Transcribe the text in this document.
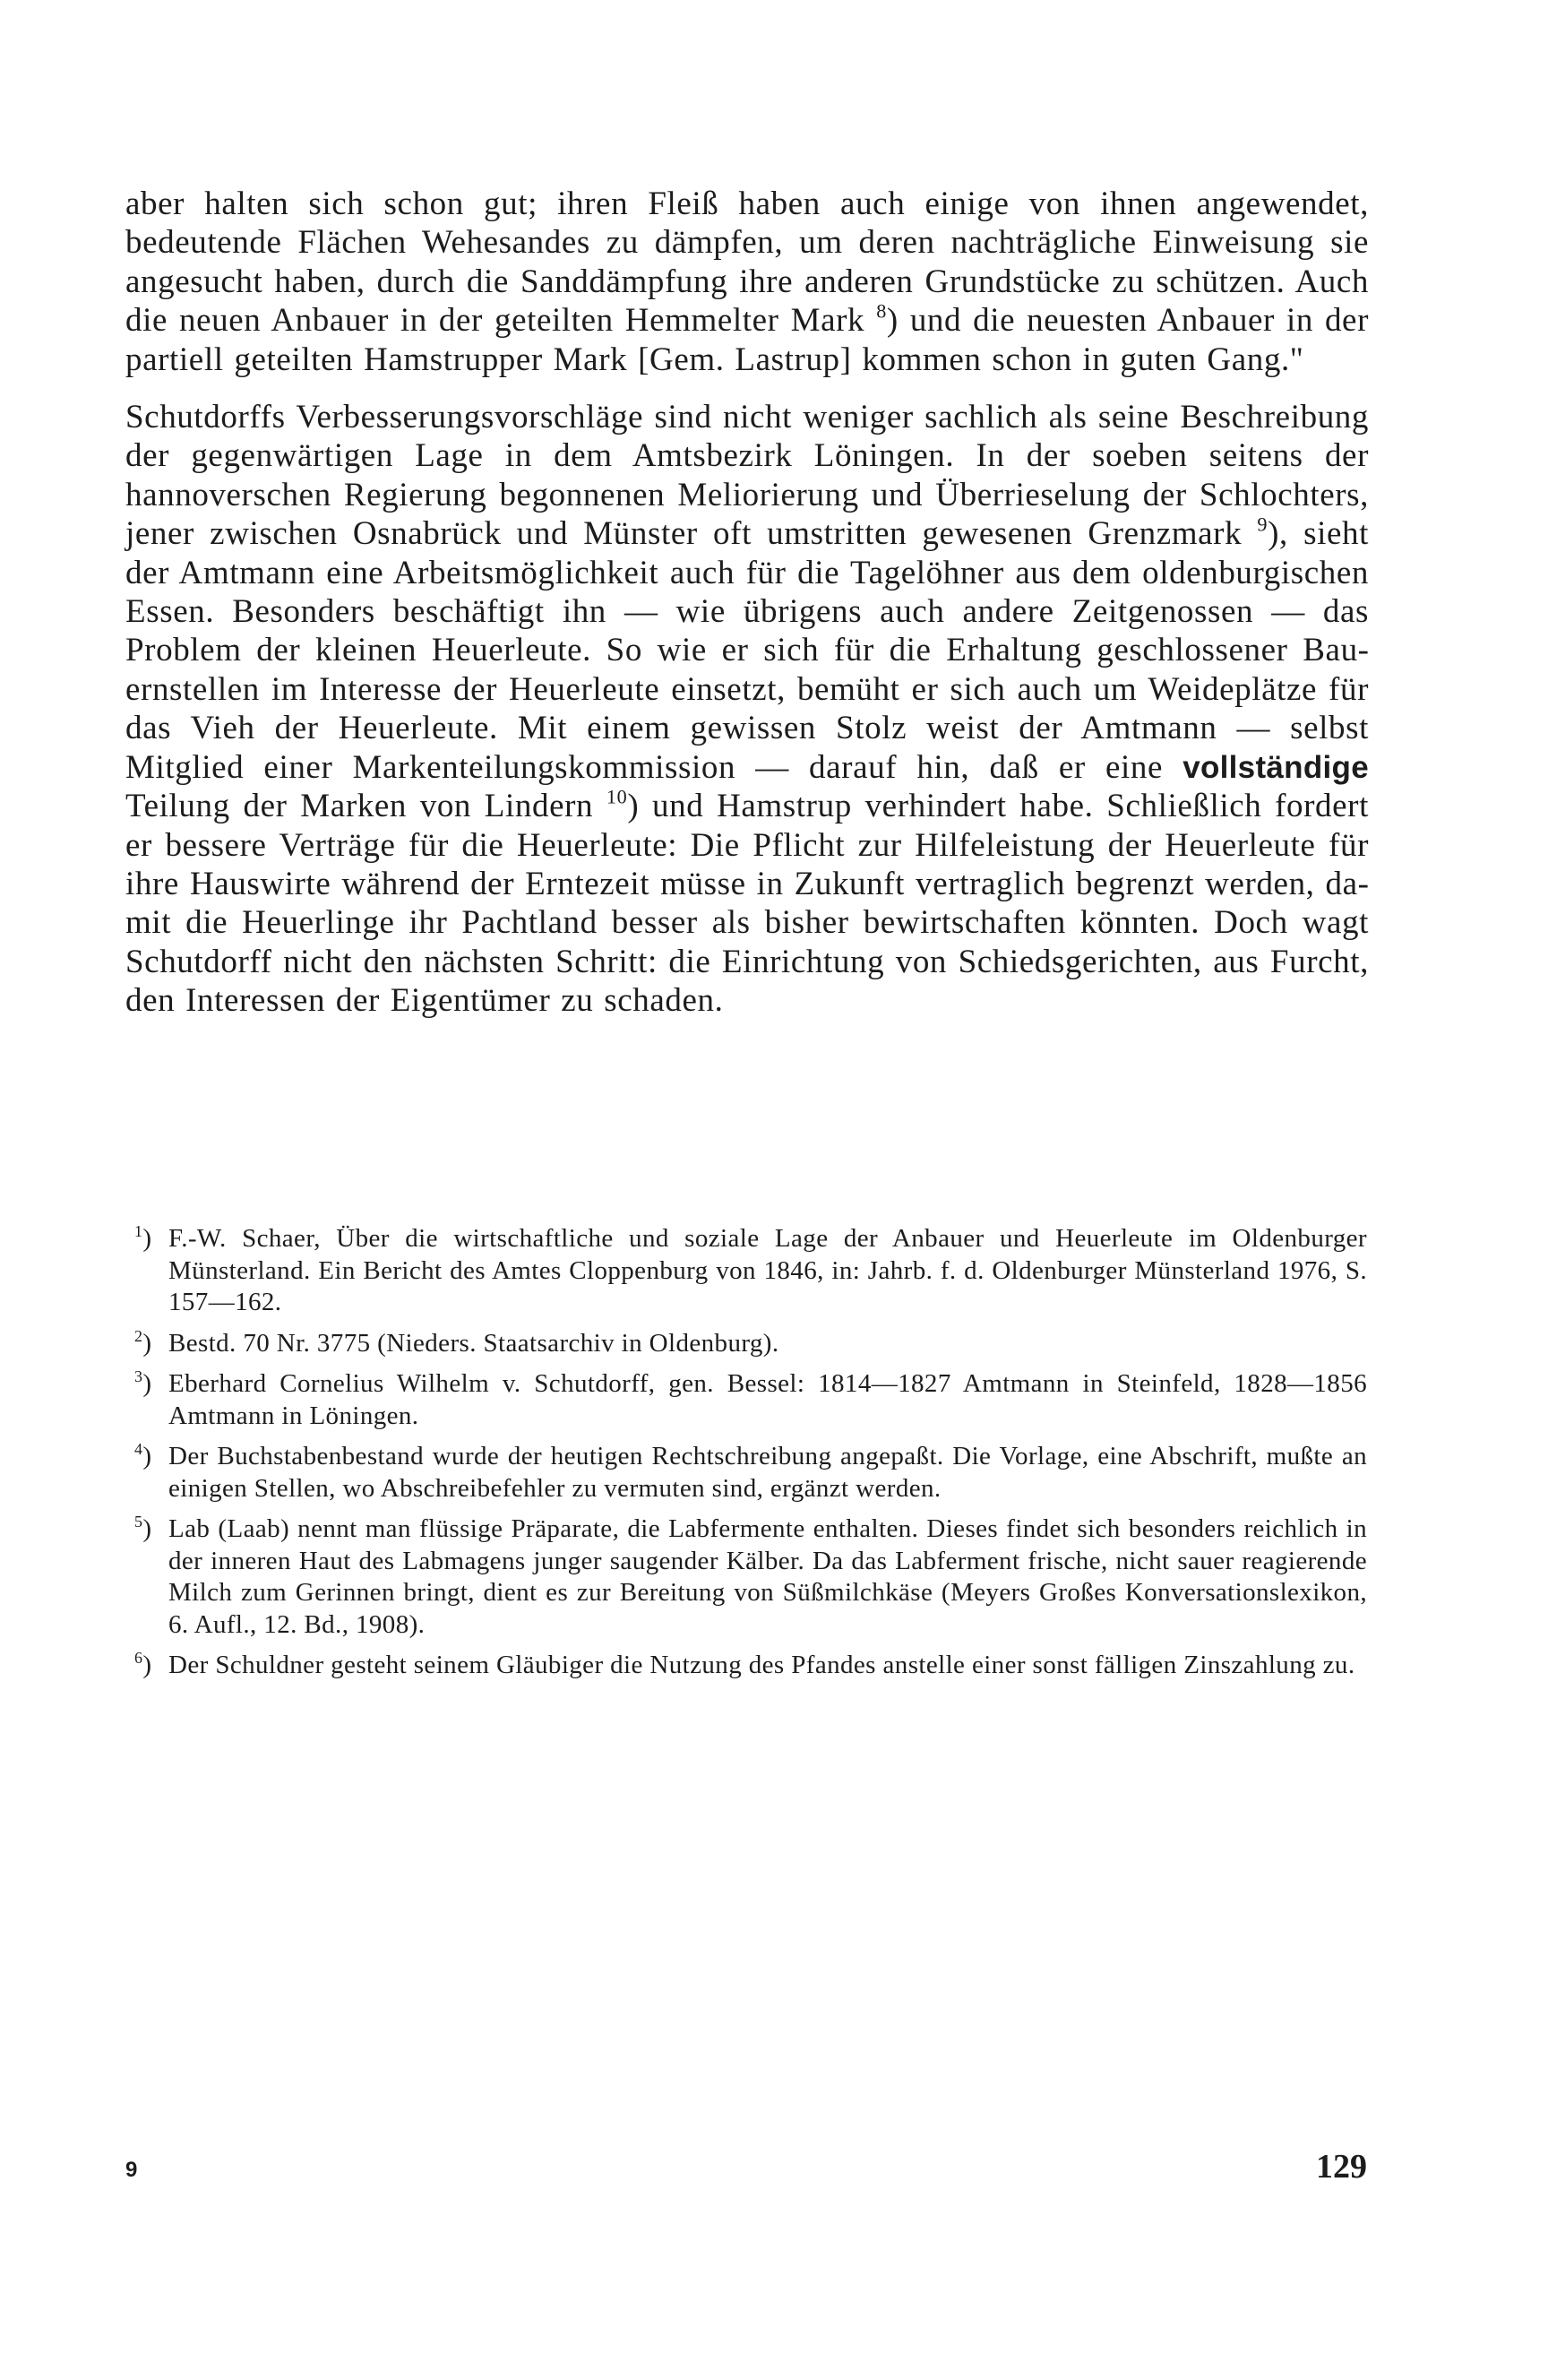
aber halten sich schon gut; ihren Fleiß haben auch einige von ihnen angewendet, bedeutende Flächen Wehesandes zu dämpfen, um deren nachträgliche Einweisung sie angesucht haben, durch die Sanddämpfung ihre anderen Grundstücke zu schützen. Auch die neuen Anbauer in der geteilten Hemmelter Mark $^8$) und die neuesten Anbauer in der partiell geteilten Hamstrupper Mark [Gem. Lastrup] kommen schon in guten Gang."

Schutdorffs Verbesserungsvorschläge sind nicht weniger sachlich als seine Beschreibung der gegenwärtigen Lage in dem Amtsbezirk Löningen. In der soeben seitens der hannoverschen Regierung begonnenen Meliorierung und Überrieselung der Schlochters, jener zwischen Osnabrück und Münster oft umstritten gewesenen Grenzmark $^9$), sieht der Amtmann eine Arbeitsmöglichkeit auch für die Tagelöhner aus dem oldenburgischen Essen. Besonders beschäftigt ihn — wie übrigens auch andere Zeitgenossen — das Problem der kleinen Heuerleute. So wie er sich für die Erhaltung geschlossener Bauernstellen im Interesse der Heuerleute einsetzt, bemüht er sich auch um Weideplätze für das Vieh der Heuerleute. Mit einem gewissen Stolz weist der Amtmann — selbst Mitglied einer Markenteilungskommission — darauf hin, daß er eine vollständige Teilung der Marken von Lindern $^{10}$) und Hamstrup verhindert habe. Schließlich fordert er bessere Verträge für die Heuerleute: Die Pflicht zur Hilfeleistung der Heuerleute für ihre Hauswirte während der Erntezeit müsse in Zukunft vertraglich begrenzt werden, damit die Heuerlinge ihr Pachtland besser als bisher bewirtschaften könnten. Doch wagt Schutdorff nicht den nächsten Schritt: die Einrichtung von Schiedsgerichten, aus Furcht, den Interessen der Eigentümer zu schaden.

$^1$) F.-W. Schaer, Über die wirtschaftliche und soziale Lage der Anbauer und Heuerleute im Oldenburger Münsterland. Ein Bericht des Amtes Cloppenburg von 1846, in: Jahrb. f. d. Oldenburger Münsterland 1976, S. 157—162.

$^2$) Bestd. 70 Nr. 3775 (Nieders. Staatsarchiv in Oldenburg).

$^3$) Eberhard Cornelius Wilhelm v. Schutdorff, gen. Bessel: 1814—1827 Amtmann in Steinfeld, 1828—1856 Amtmann in Löningen.

$^4$) Der Buchstabenbestand wurde der heutigen Rechtschreibung angepaßt. Die Vorlage, eine Abschrift, mußte an einigen Stellen, wo Abschreibefehler zu vermuten sind, ergänzt werden.

$^5$) Lab (Laab) nennt man flüssige Präparate, die Labfermente enthalten. Dieses findet sich besonders reichlich in der inneren Haut des Labmagens junger saugender Kälber. Da das Labferment frische, nicht sauer reagierende Milch zum Gerinnen bringt, dient es zur Bereitung von Süßmilchkäse (Meyers Großes Konversationslexikon, 6. Aufl., 12. Bd., 1908).

$^6$) Der Schuldner gesteht seinem Gläubiger die Nutzung des Pfandes anstelle einer sonst fälligen Zinszahlung zu.

9	129
